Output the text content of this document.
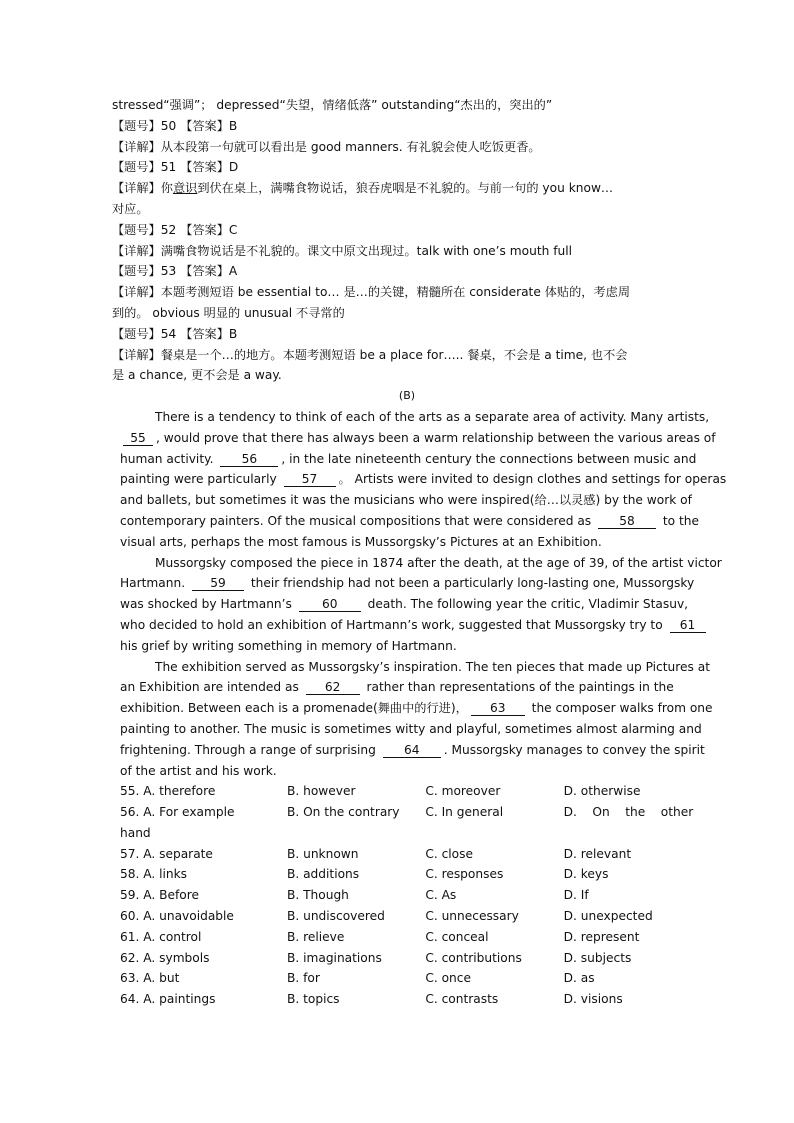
stressed“强调”； depressed“失望，情绪低落” outstanding“杰出的，突出的”
【题号】50 【答案】B
【详解】从本段第一句就可以看出是 good manners. 有礼貌会使人吃饭更香。
【题号】51 【答案】D
【详解】你意识到伏在桌上，满嘴食物说话，狼吞虎咽是不礼貌的。与前一句的 you know…
对应。
【题号】52 【答案】C
【详解】满嘴食物说话是不礼貌的。课文中原文出现过。talk with one’s mouth full
【题号】53 【答案】A
【详解】本题考测短语 be essential to… 是…的关键，精髓所在 considerate 体贴的，考虑周
到的。 obvious 明显的 unusual 不寻常的
【题号】54 【答案】B
【详解】餐桌是一个…的地方。本题考测短语 be a place for….. 餐桌，不会是 a time, 也不会
是 a chance, 更不会是 a way.
(B)
There is a tendency to think of each of the arts as a separate area of activity. Many artists,
55 , would prove that there has always been a warm relationship between the various areas of
human activity. 56 , in the late nineteenth century the connections between music and
painting were particularly 57 。 Artists were invited to design clothes and settings for operas
and ballets, but sometimes it was the musicians who were inspired(给…以灵感) by the work of
contemporary painters. Of the musical compositions that were considered as 58 to the
visual arts, perhaps the most famous is Mussorgsky’s Pictures at an Exhibition.
Mussorgsky composed the piece in 1874 after the death, at the age of 39, of the artist victor
Hartmann. 59 their friendship had not been a particularly long-lasting one, Mussorgsky
was shocked by Hartmann’s 60 death. The following year the critic, Vladimir Stasuv,
who decided to hold an exhibition of Hartmann’s work, suggested that Mussorgsky try to 61
his grief by writing something in memory of Hartmann.
The exhibition served as Mussorgsky’s inspiration. The ten pieces that made up Pictures at
an Exhibition are intended as 62 rather than representations of the paintings in the
exhibition. Between each is a promenade(舞曲中的行进)， 63 the composer walks from one
painting to another. The music is sometimes witty and playful, sometimes almost alarming and
frightening. Through a range of surprising 64 . Mussorgsky manages to convey the spirit
of the artist and his work.
55. A. therefore	B. however	C. moreover	D. otherwise
56. A. For example	B. On the contrary	C. In general	D.    On    the    other
hand
57. A. separate	B. unknown	C. close	D. relevant
58. A. links	B. additions	C. responses	D. keys
59. A. Before	B. Though	C. As	D. If
60. A. unavoidable	B. undiscovered	C. unnecessary	D. unexpected
61. A. control	B. relieve	C. conceal	D. represent
62. A. symbols	B. imaginations	C. contributions	D. subjects
63. A. but	B. for	C. once	D. as
64. A. paintings	B. topics	C. contrasts	D. visions
